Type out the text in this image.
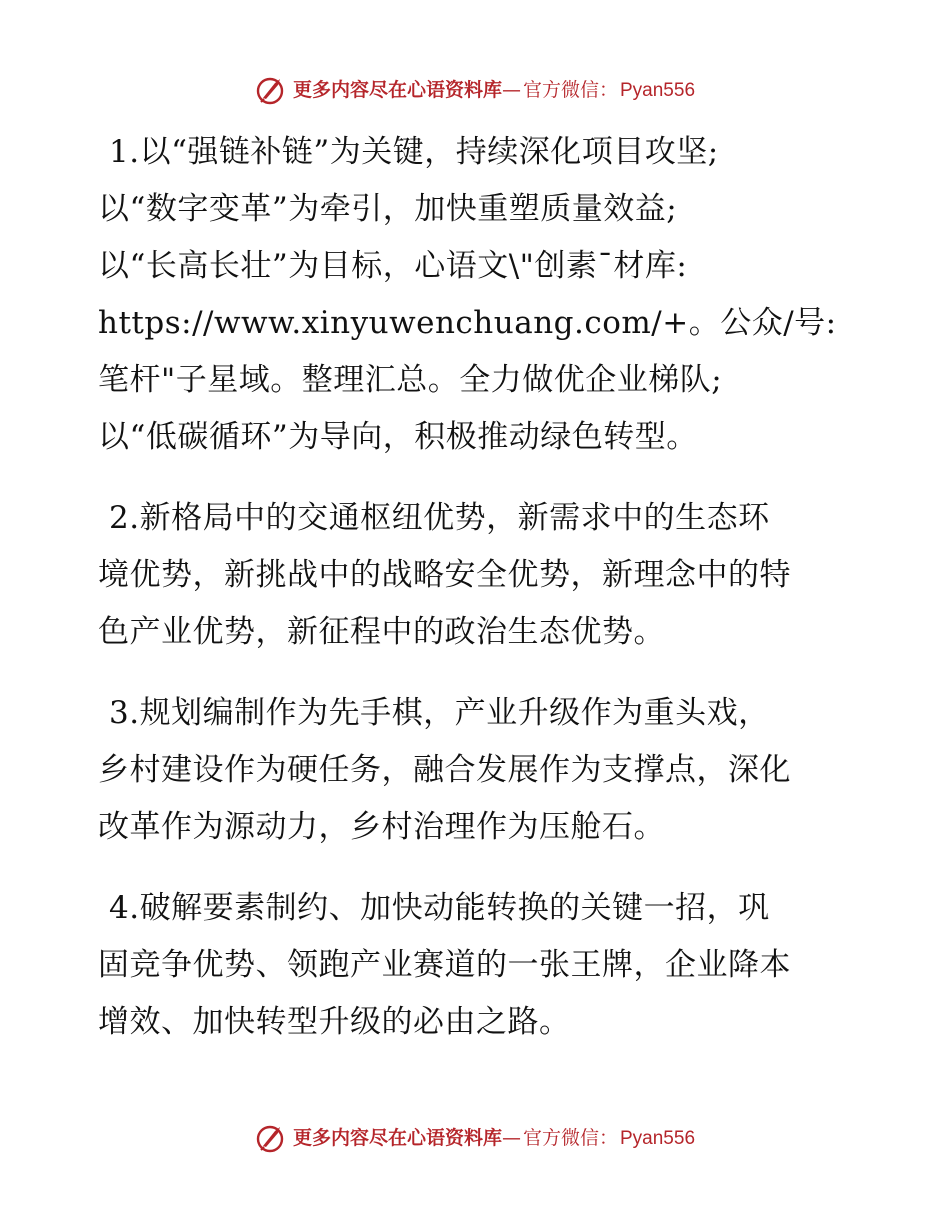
更多内容尽在心语资料库 — 官方微信： Pyan556
1.以“强链补链”为关键，持续深化项目攻坚;
以“数字变革”为牵引，加快重塑质量效益;
以“长高长壮”为目标，心语文\"创素¯材库:
https://www.xinyuwenchuang.com/+。公众/号:
笔杆"子星域。整理汇总。全力做优企业梯队;
以“低碳循环”为导向，积极推动绿色转型。
2.新格局中的交通枢纽优势，新需求中的生态环
境优势，新挑战中的战略安全优势，新理念中的特
色产业优势，新征程中的政治生态优势。
3.规划编制作为先手棋，产业升级作为重头戏，
乡村建设作为硬任务，融合发展作为支撑点，深化
改革作为源动力，乡村治理作为压舱石。
4.破解要素制约、加快动能转换的关键一招，巩
固竞争优势、领跑产业赛道的一张王牌，企业降本
增效、加快转型升级的必由之路。
更多内容尽在心语资料库 — 官方微信： Pyan556
